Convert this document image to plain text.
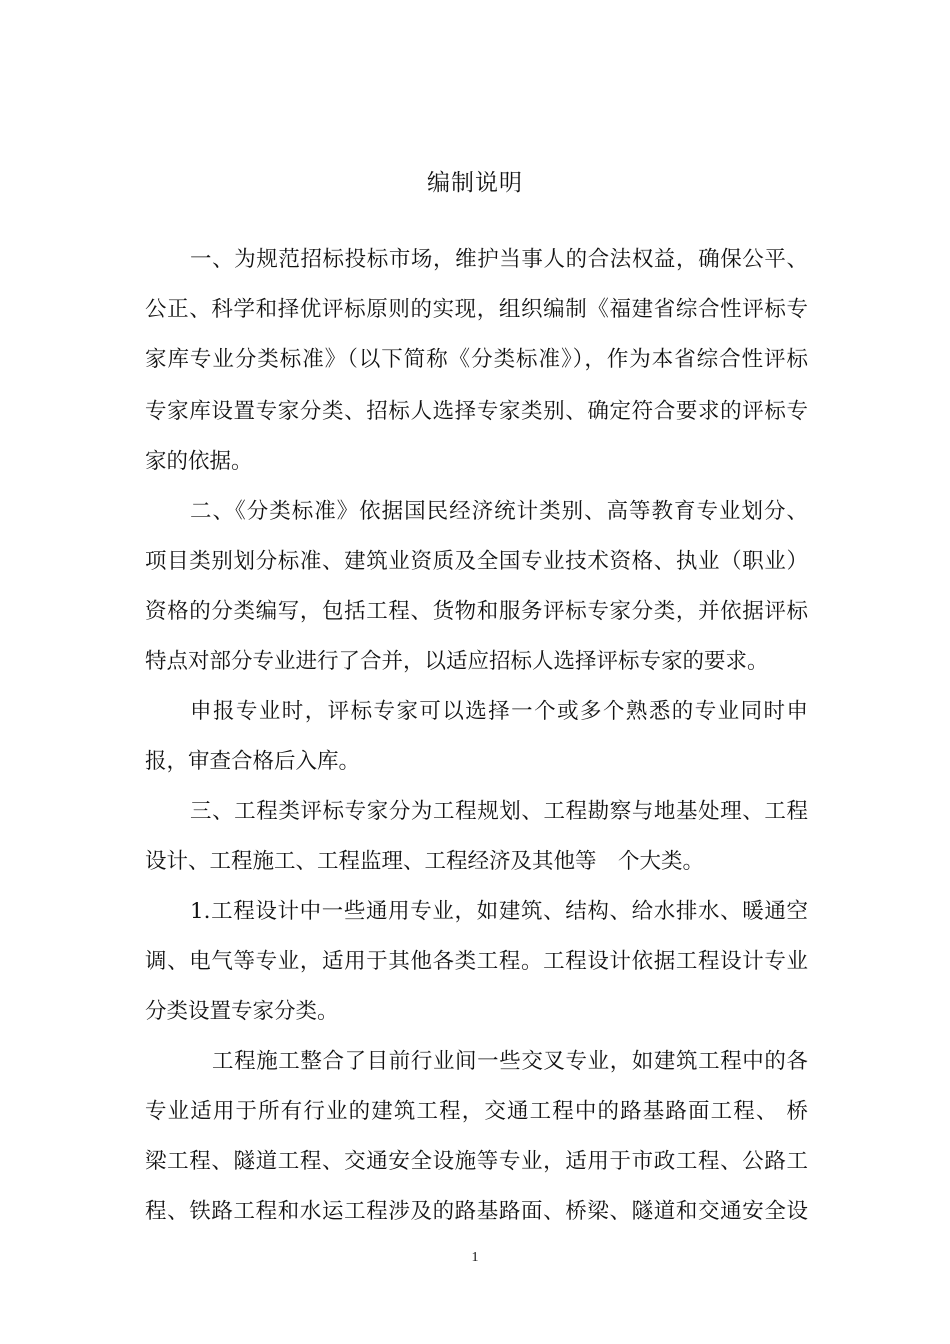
编制说明
一、为规范招标投标市场，维护当事人的合法权益，确保公平、
公正、科学和择优评标原则的实现，组织编制《福建省综合性评标专
家库专业分类标准》（以下简称《分类标准》），作为本省综合性评标
专家库设置专家分类、招标人选择专家类别、确定符合要求的评标专
家的依据。
二、《分类标准》依据国民经济统计类别、高等教育专业划分、
项目类别划分标准、建筑业资质及全国专业技术资格、执业（职业）
资格的分类编写，包括工程、货物和服务评标专家分类，并依据评标
特点对部分专业进行了合并，以适应招标人选择评标专家的要求。
申报专业时，评标专家可以选择一个或多个熟悉的专业同时申
报，审查合格后入库。
三、工程类评标专家分为工程规划、工程勘察与地基处理、工程
设计、工程施工、工程监理、工程经济及其他等　个大类。
1.工程设计中一些通用专业，如建筑、结构、给水排水、暖通空
调、电气等专业，适用于其他各类工程。工程设计依据工程设计专业
分类设置专家分类。
工程施工整合了目前行业间一些交叉专业，如建筑工程中的各
专业适用于所有行业的建筑工程，交通工程中的路基路面工程、 桥
梁工程、隧道工程、交通安全设施等专业，适用于市政工程、公路工
程、铁路工程和水运工程涉及的路基路面、桥梁、隧道和交通安全设
1
